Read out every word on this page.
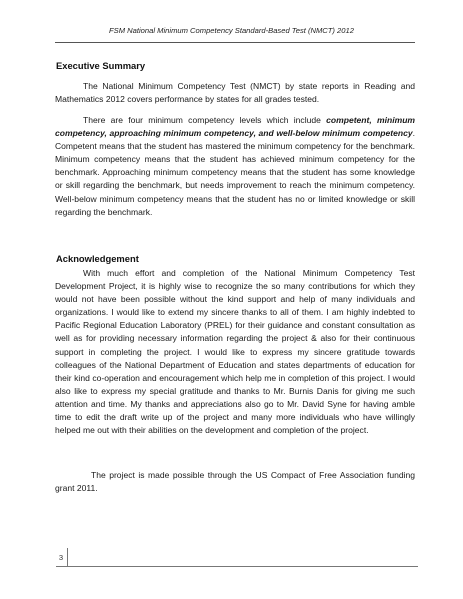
FSM National Minimum Competency Standard-Based Test (NMCT) 2012
Executive Summary

The National Minimum Competency Test (NMCT) by state reports in Reading and Mathematics 2012 covers performance by states for all grades tested.

There are four minimum competency levels which include competent, minimum competency, approaching minimum competency, and well-below minimum competency. Competent means that the student has mastered the minimum competency for the benchmark. Minimum competency means that the student has achieved minimum competency for the benchmark. Approaching minimum competency means that the student has some knowledge or skill regarding the benchmark, but needs improvement to reach the minimum competency. Well-below minimum competency means that the student has no or limited knowledge or skill regarding the benchmark.

Acknowledgement

With much effort and completion of the National Minimum Competency Test Development Project, it is highly wise to recognize the so many contributions for which they would not have been possible without the kind support and help of many individuals and organizations. I would like to extend my sincere thanks to all of them. I am highly indebted to Pacific Regional Education Laboratory (PREL) for their guidance and constant consultation as well as for providing necessary information regarding the project & also for their continuous support in completing the project. I would like to express my sincere gratitude towards colleagues of the National Department of Education and states departments of education for their kind co-operation and encouragement which help me in completion of this project. I would also like to express my special gratitude and thanks to Mr. Burnis Danis for giving me such attention and time. My thanks and appreciations also go to Mr. David Syne for having amble time to edit the draft write up of the project and many more individuals who have willingly helped me out with their abilities on the development and completion of the project.

The project is made possible through the US Compact of Free Association funding grant 2011.

3
